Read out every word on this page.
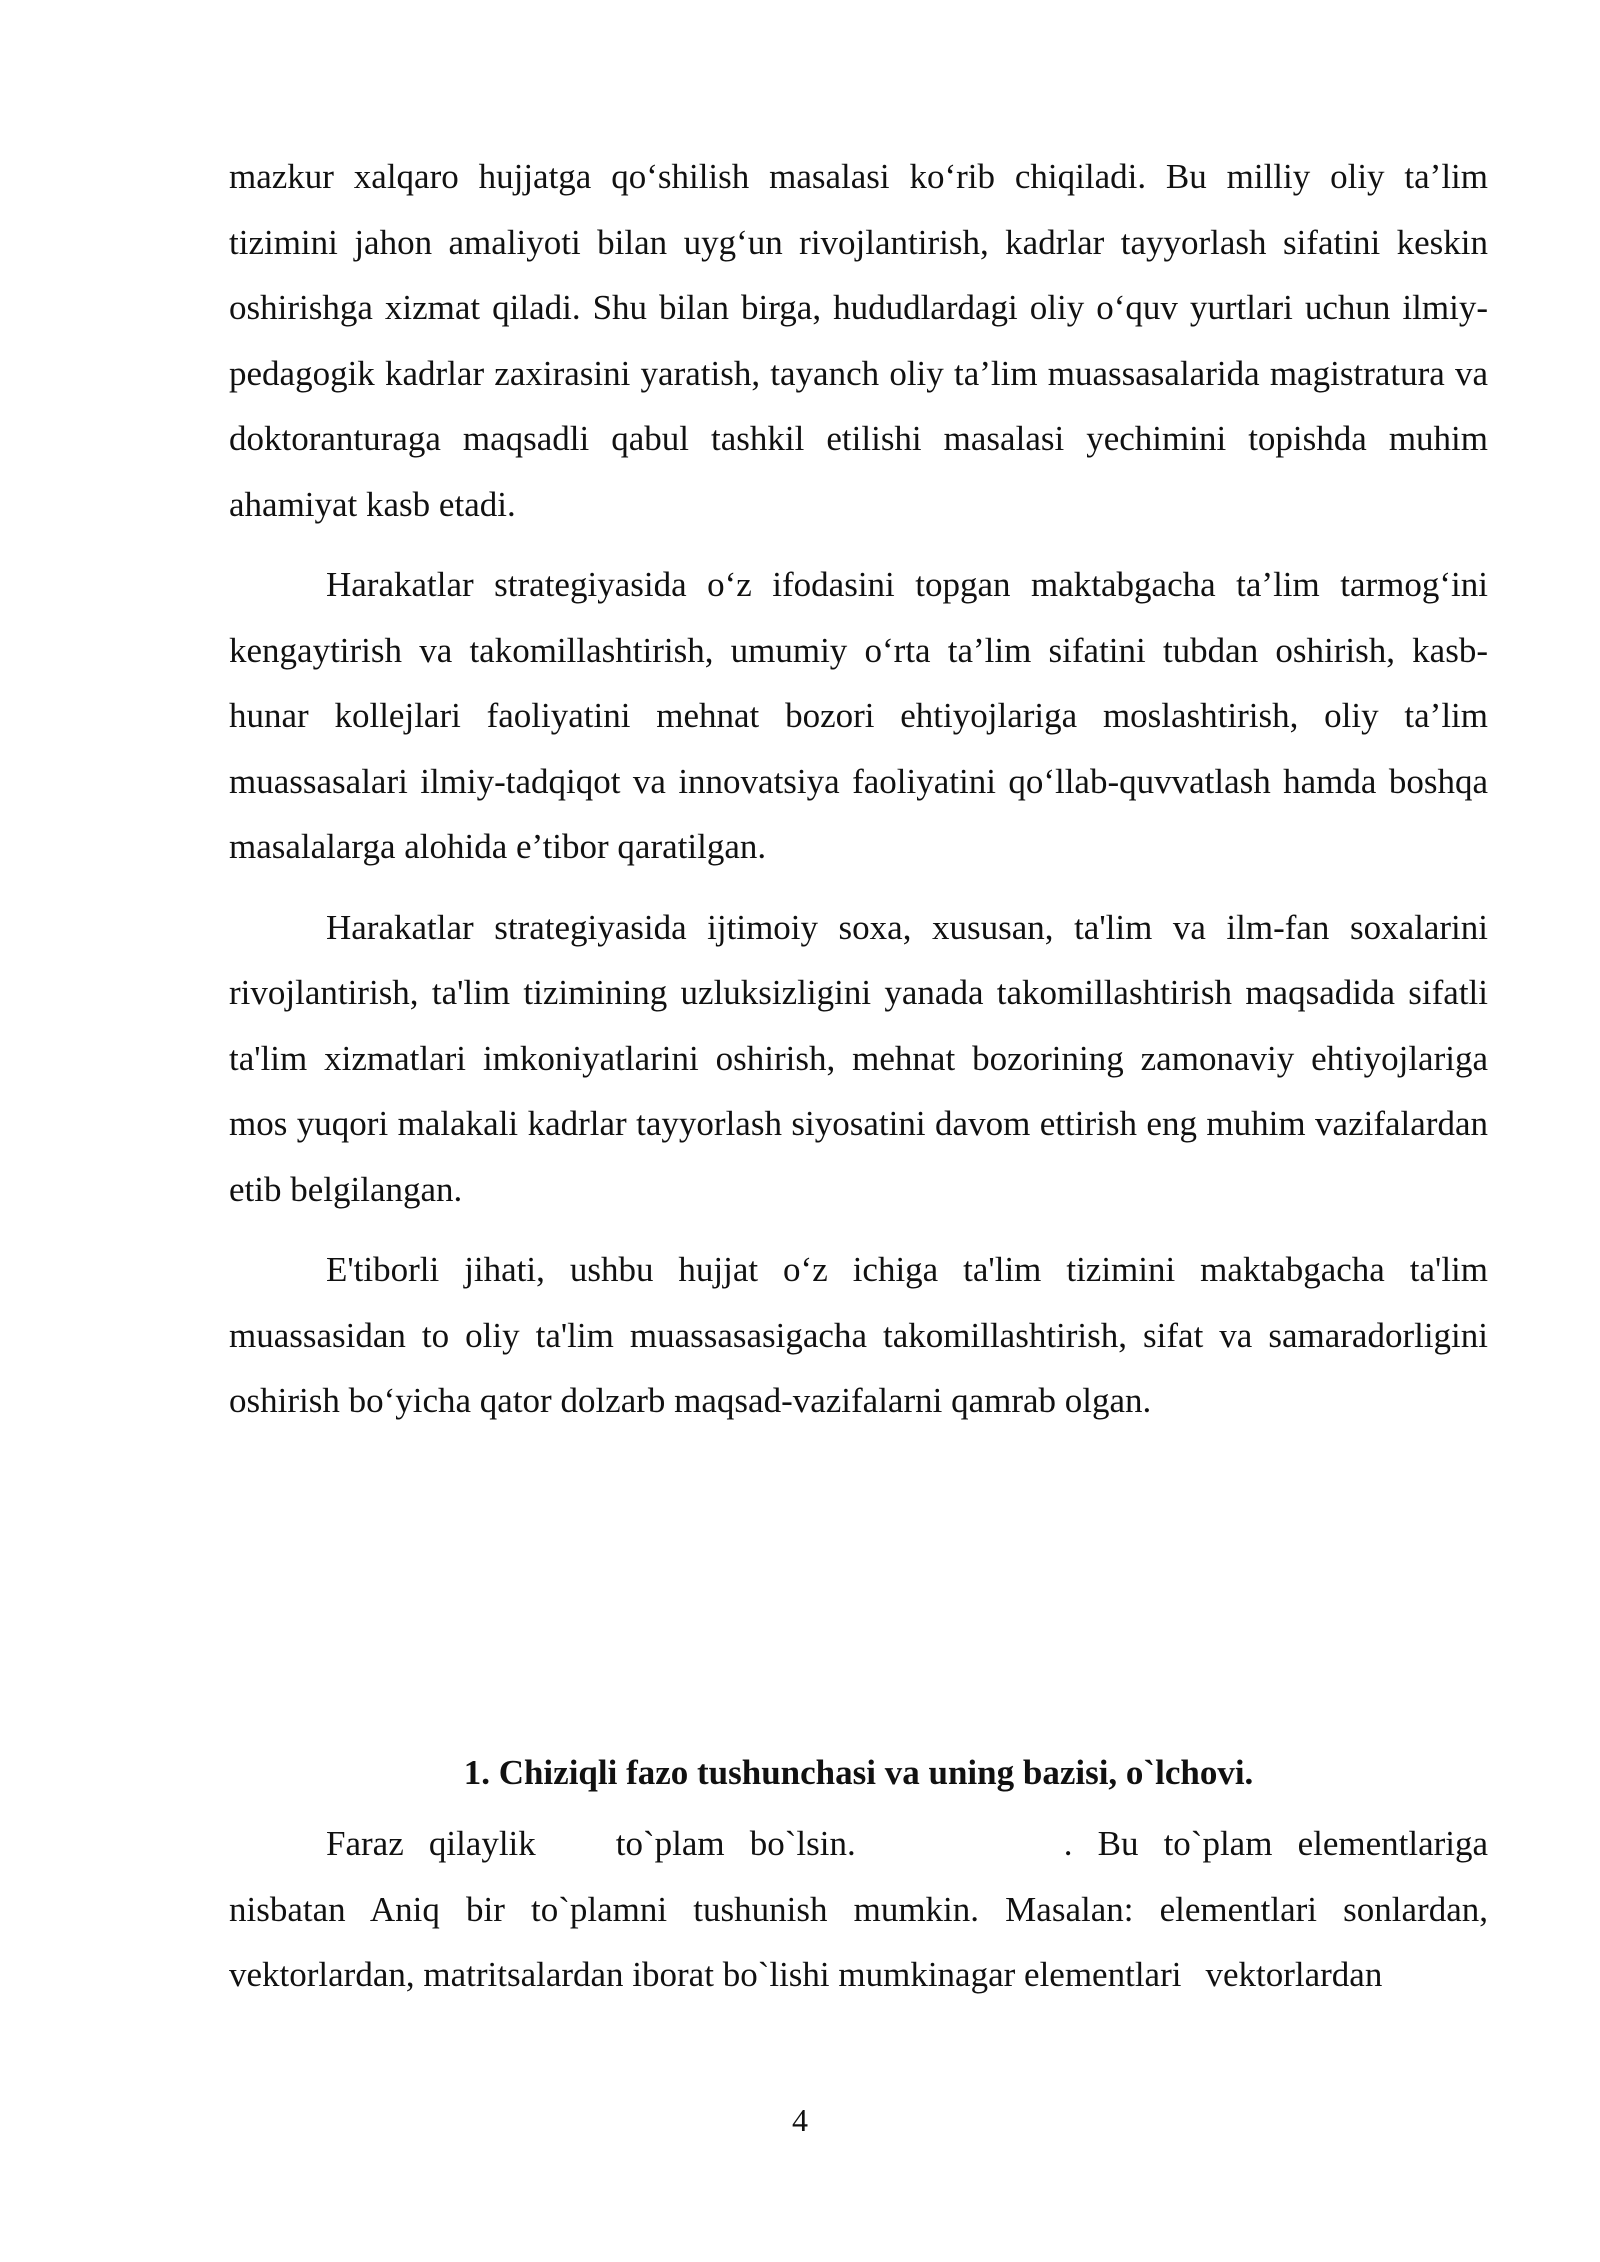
mazkur xalqaro hujjatga qo‘shilish masalasi ko‘rib chiqiladi. Bu milliy oliy ta’lim tizimini jahon amaliyoti bilan uyg‘un rivojlantirish, kadrlar tayyorlash sifatini keskin oshirishga xizmat qiladi. Shu bilan birga, hududlardagi oliy o‘quv yurtlari uchun ilmiy-pedagogik kadrlar zaxirasini yaratish, tayanch oliy ta’lim muassasalarida magistratura va doktoranturaga maqsadli qabul tashkil etilishi masalasi yechimini topishda muhim ahamiyat kasb etadi.

Harakatlar strategiyasida o‘z ifodasini topgan maktabgacha ta’lim tarmog‘ini kengaytirish va takomillashtirish, umumiy o‘rta ta’lim sifatini tubdan oshirish, kasb-hunar kollejlari faoliyatini mehnat bozori ehtiyojlariga moslashtirish, oliy ta’lim muassasalari ilmiy-tadqiqot va innovatsiya faoliyatini qo‘llab-quvvatlash hamda boshqa masalalarga alohida e’tibor qaratilgan.

Harakatlar strategiyasida ijtimoiy soxa, xususan, ta'lim va ilm-fan soxalarini rivojlantirish, ta'lim tizimining uzluksizligini yanada takomillashtirish maqsadida sifatli ta'lim xizmatlari imkoniyatlarini oshirish, mehnat bozorining zamonaviy ehtiyojlariga mos yuqori malakali kadrlar tayyorlash siyosatini davom ettirish eng muhim vazifalardan etib belgilangan.

E'tiborli jihati, ushbu hujjat o‘z ichiga ta'lim tizimini maktabgacha ta'lim muassasidan to oliy ta'lim muassasasigacha takomillashtirish, sifat va samaradorligini oshirish bo‘yicha qator dolzarb maqsad-vazifalarni qamrab olgan.

1. Chiziqli fazo tushunchasi va uning bazisi, o`lchovi.

Faraz qilaylik to`plam bo`lsin.	. Bu to`plam elementlariga nisbatan Aniq bir to`plamni tushunish mumkin. Masalan: elementlari sonlardan, vektorlardan, matritsalardan iborat bo`lishi mumkinagar elementlari vektorlardan

4
